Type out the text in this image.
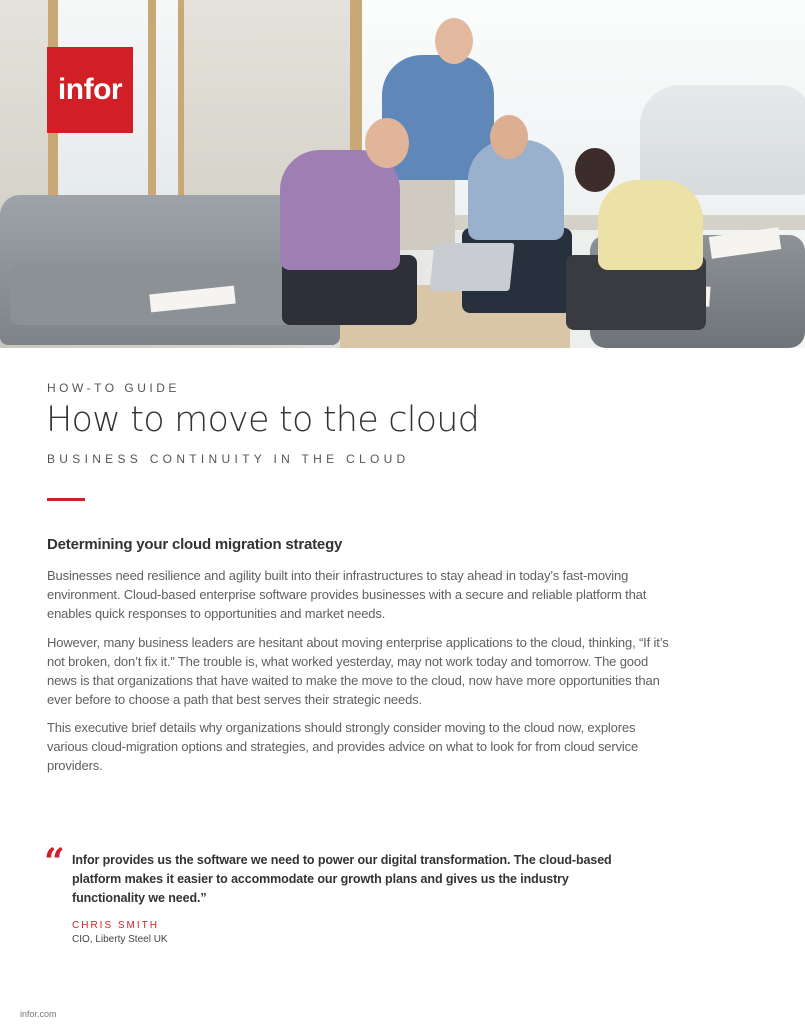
infor
HOW-TO GUIDE
How to move to the cloud
BUSINESS CONTINUITY IN THE CLOUD
Determining your cloud migration strategy

Businesses need resilience and agility built into their infrastructures to stay ahead in today’s fast-moving environment. Cloud-based enterprise software provides businesses with a secure and reliable platform that enables quick responses to opportunities and market needs.

However, many business leaders are hesitant about moving enterprise applications to the cloud, thinking, “If it’s not broken, don’t fix it.” The trouble is, what worked yesterday, may not work today and tomorrow. The good news is that organizations that have waited to make the move to the cloud, now have more opportunities than ever before to choose a path that best serves their strategic needs.

This executive brief details why organizations should strongly consider moving to the cloud now, explores various cloud-migration options and strategies, and provides advice on what to look for from cloud service providers.

“ Infor provides us the software we need to power our digital transformation. The cloud-based platform makes it easier to accommodate our growth plans and gives us the industry functionality we need.”

CHRIS SMITH
CIO, Liberty Steel UK
infor.com
